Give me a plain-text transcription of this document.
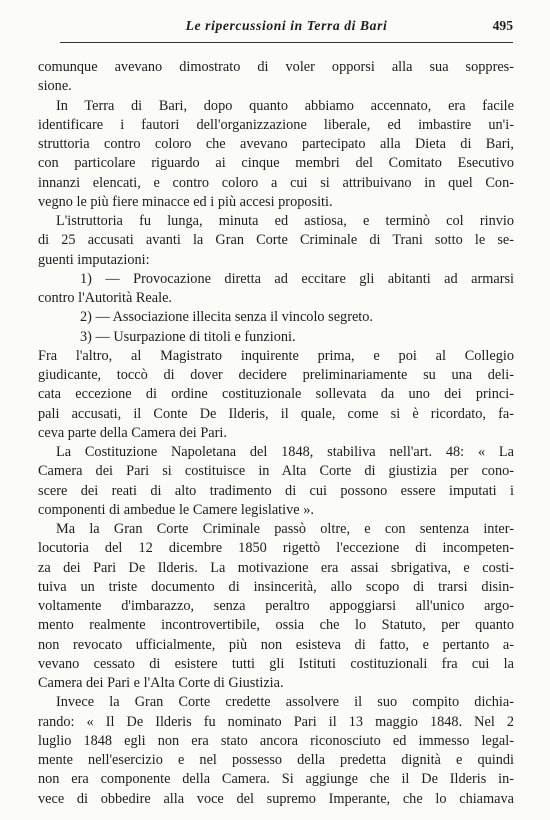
Le ripercussioni in Terra di Bari	495
comunque avevano dimostrato di voler opporsi alla sua soppres-
sione.
In Terra di Bari, dopo quanto abbiamo accennato, era facile
identificare i fautori dell'organizzazione liberale, ed imbastire un'i-
struttoria contro coloro che avevano partecipato alla Dieta di Bari,
con particolare riguardo ai cinque membri del Comitato Esecutivo
innanzi elencati, e contro coloro a cui si attribuivano in quel Con-
vegno le più fiere minacce ed i più accesi propositi.
L'istruttoria fu lunga, minuta ed astiosa, e terminò col rinvio
di 25 accusati avanti la Gran Corte Criminale di Trani sotto le se-
guenti imputazioni:
1) — Provocazione diretta ad eccitare gli abitanti ad armarsi
contro l'Autorità Reale.
2) — Associazione illecita senza il vincolo segreto.
3) — Usurpazione di titoli e funzioni.
Fra l'altro, al Magistrato inquirente prima, e poi al Collegio
giudicante, toccò di dover decidere preliminariamente su una deli-
cata eccezione di ordine costituzionale sollevata da uno dei princi-
pali accusati, il Conte De Ilderis, il quale, come si è ricordato, fa-
ceva parte della Camera dei Pari.
La Costituzione Napoletana del 1848, stabiliva nell'art. 48: « La
Camera dei Pari si costituisce in Alta Corte di giustizia per cono-
scere dei reati di alto tradimento di cui possono essere imputati i
componenti di ambedue le Camere legislative ».
Ma la Gran Corte Criminale passò oltre, e con sentenza inter-
locutoria del 12 dicembre 1850 rigettò l'eccezione di incompeten-
za dei Pari De Ilderis. La motivazione era assai sbrigativa, e costi-
tuiva un triste documento di insincerità, allo scopo di trarsi disin-
voltamente d'imbarazzo, senza peraltro appoggiarsi all'unico argo-
mento realmente incontrovertibile, ossia che lo Statuto, per quanto
non revocato ufficialmente, più non esisteva di fatto, e pertanto a-
vevano cessato di esistere tutti gli Istituti costituzionali fra cui la
Camera dei Pari e l'Alta Corte di Giustizia.
Invece la Gran Corte credette assolvere il suo compito dichia-
rando: « Il De Ilderis fu nominato Pari il 13 maggio 1848. Nel 2
luglio 1848 egli non era stato ancora riconosciuto ed immesso legal-
mente nell'esercizio e nel possesso della predetta dignità e quindi
non era componente della Camera. Si aggiunge che il De Ilderis in-
vece di obbedire alla voce del supremo Imperante, che lo chiamava
